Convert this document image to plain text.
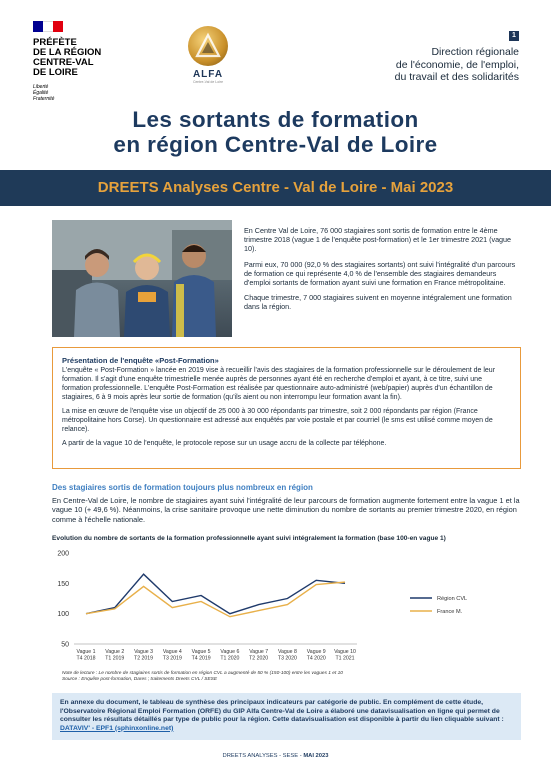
PRÉFÈTE
DE LA RÉGION
CENTRE-VAL
DE LOIRE
Liberté
Égalité
Fraternité
ALFA
Centre-Val de Loire
1
Direction régionale
de l'économie, de l'emploi,
du travail et des solidarités
Les sortants de formation
en région Centre-Val de Loire
DREETS Analyses Centre - Val de Loire - Mai 2023

En Centre Val de Loire, 76 000 stagiaires sont sortis de formation entre le 4ème trimestre 2018 (vague 1 de l'enquête post-formation) et le 1er trimestre 2021 (vague 10).

Parmi eux, 70 000 (92,0 % des stagiaires sortants) ont suivi l'intégralité d'un parcours de formation ce qui représente 4,0 % de l'ensemble des stagiaires demandeurs d'emploi sortants de formation ayant suivi une formation en France métropolitaine.

Chaque trimestre, 7 000 stagiaires suivent en moyenne intégralement une formation dans la région.

Présentation de l'enquête «Post-Formation»

L'enquête « Post-Formation » lancée en 2019 vise à recueillir l'avis des stagiaires de la formation professionnelle sur le déroulement de leur formation. Il s'agit d'une enquête trimestrielle menée auprès de personnes ayant été en recherche d'emploi et ayant, à ce titre, suivi une formation professionnelle. L'enquête Post-Formation est réalisée par questionnaire auto-administré (web/papier) auprès d'un échantillon de stagiaires, 6 à 9 mois après leur sortie de formation (qu'ils aient ou non interrompu leur formation avant la fin).

La mise en œuvre de l'enquête vise un objectif de 25 000 à 30 000 répondants par trimestre, soit 2 000 répondants par région (France métropolitaine hors Corse). Un questionnaire est adressé aux enquêtés par voie postale et par courriel (le sms est utilisé comme moyen de relance).

A partir de la vague 10 de l'enquête, le protocole repose sur un usage accru de la collecte par téléphone.

Des stagiaires sortis de formation toujours plus nombreux en région
En Centre-Val de Loire, le nombre de stagiaires ayant suivi l'intégralité de leur parcours de formation augmente fortement entre la vague 1 et la vague 10 (+ 49,6 %). Néanmoins, la crise sanitaire provoque une nette diminution du nombre de sortants au premier trimestre 2020, en région comme à l'échelle nationale.
Evolution du nombre de sortants de la formation professionnelle ayant suivi intégralement la formation (base 100-en vague 1)
50
100
150
200
Vague 1
T4 2018
Vague 2
T1 2019
Vague 3
T2 2019
Vague 4
T3 2019
Vague 5
T4 2019
Vague 6
T1 2020
Vague 7
T2 2020
Vague 8
T3 2020
Vague 9
T4 2020
Vague 10
T1 2021
Région CVL
France M.
Note de lecture : Le nombre de stagiaires sortis de formation en région CVL a augmenté de 50 % (150-100) entre les vagues 1 et 10
Source : Enquête post-formation, Dares ; traitements Dreets CVL / SESE
En annexe du document, le tableau de synthèse des principaux indicateurs par catégorie de public. En complément de cette étude, l'Observatoire Régional Emploi Formation (ORFE) du GIP Alfa Centre-Val de Loire a élaboré une datavisualisation en ligne qui permet de consulter les résultats détaillés par type de public pour la région. Cette datavisualisation est disponible à partir du lien cliquable suivant : DATAVIV' - EPF1 (sphinxonline.net)
DREETS ANALYSES - SESE - MAI 2023
